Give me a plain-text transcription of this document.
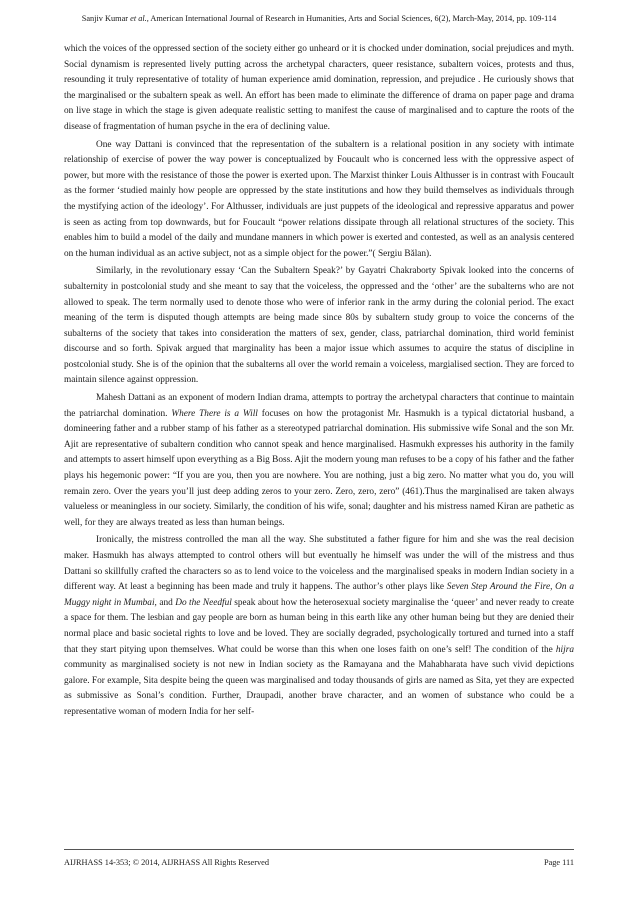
Sanjiv Kumar et al., American International Journal of Research in Humanities, Arts and Social Sciences, 6(2), March-May, 2014, pp. 109-114

which the voices of the oppressed section of the society either go unheard or it is chocked under domination, social prejudices and myth. Social dynamism is represented lively putting across the archetypal characters, queer resistance, subaltern voices, protests and thus, resounding it truly representative of totality of human experience amid domination, repression, and prejudice . He curiously shows that the marginalised or the subaltern speak as well. An effort has been made to eliminate the difference of drama on paper page and drama on live stage in which the stage is given adequate realistic setting to manifest the cause of marginalised and to capture the roots of the disease of fragmentation of human psyche in the era of declining value.

One way Dattani is convinced that the representation of the subaltern is a relational position in any society with intimate relationship of exercise of power the way power is conceptualized by Foucault who is concerned less with the oppressive aspect of power, but more with the resistance of those the power is exerted upon. The Marxist thinker Louis Althusser is in contrast with Foucault as the former ‘studied mainly how people are oppressed by the state institutions and how they build themselves as individuals through the mystifying action of the ideology’. For Althusser, individuals are just puppets of the ideological and repressive apparatus and power is seen as acting from top downwards, but for Foucault “power relations dissipate through all relational structures of the society. This enables him to build a model of the daily and mundane manners in which power is exerted and contested, as well as an analysis centered on the human individual as an active subject, not as a simple object for the power.”( Sergiu Bălan).

Similarly, in the revolutionary essay ‘Can the Subaltern Speak?’ by Gayatri Chakraborty Spivak looked into the concerns of subalternity in postcolonial study and she meant to say that the voiceless, the oppressed and the ‘other’ are the subalterns who are not allowed to speak. The term normally used to denote those who were of inferior rank in the army during the colonial period. The exact meaning of the term is disputed though attempts are being made since 80s by subaltern study group to voice the concerns of the subalterns of the society that takes into consideration the matters of sex, gender, class, patriarchal domination, third world feminist discourse and so forth. Spivak argued that marginality has been a major issue which assumes to acquire the status of discipline in postcolonial study. She is of the opinion that the subalterns all over the world remain a voiceless, margialised section. They are forced to maintain silence against oppression.

Mahesh Dattani as an exponent of modern Indian drama, attempts to portray the archetypal characters that continue to maintain the patriarchal domination. Where There is a Will focuses on how the protagonist Mr. Hasmukh is a typical dictatorial husband, a domineering father and a rubber stamp of his father as a stereotyped patriarchal domination. His submissive wife Sonal and the son Mr. Ajit are representative of subaltern condition who cannot speak and hence marginalised. Hasmukh expresses his authority in the family and attempts to assert himself upon everything as a Big Boss. Ajit the modern young man refuses to be a copy of his father and the father plays his hegemonic power: “If you are you, then you are nowhere. You are nothing, just a big zero. No matter what you do, you will remain zero. Over the years you’ll just deep adding zeros to your zero. Zero, zero, zero” (461).Thus the marginalised are taken always valueless or meaningless in our society. Similarly, the condition of his wife, sonal; daughter and his mistress named Kiran are pathetic as well, for they are always treated as less than human beings.

Ironically, the mistress controlled the man all the way. She substituted a father figure for him and she was the real decision maker. Hasmukh has always attempted to control others will but eventually he himself was under the will of the mistress and thus Dattani so skillfully crafted the characters so as to lend voice to the voiceless and the marginalised speaks in modern Indian society in a different way. At least a beginning has been made and truly it happens. The author’s other plays like Seven Step Around the Fire, On a Muggy night in Mumbai, and Do the Needful speak about how the heterosexual society marginalise the ‘queer’ and never ready to create a space for them. The lesbian and gay people are born as human being in this earth like any other human being but they are denied their normal place and basic societal rights to love and be loved. They are socially degraded, psychologically tortured and turned into a staff that they start pitying upon themselves. What could be worse than this when one loses faith on one’s self! The condition of the hijra community as marginalised society is not new in Indian society as the Ramayana and the Mahabharata have such vivid depictions galore. For example, Sita despite being the queen was marginalised and today thousands of girls are named as Sita, yet they are expected as submissive as Sonal’s condition. Further, Draupadi, another brave character, and an women of substance who could be a representative woman of modern India for her self-

AIJRHASS 14-353; © 2014, AIJRHASS All Rights Reserved	Page 111
